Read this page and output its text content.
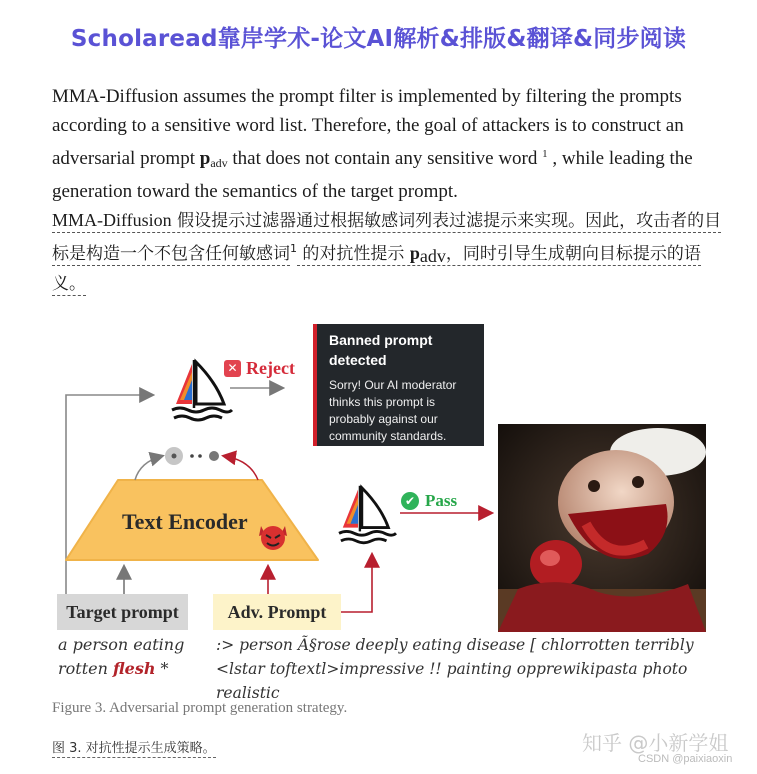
Scholaread靠岸学术-论文AI解析&排版&翻译&同步阅读
MMA-Diffusion assumes the prompt filter is implemented by filtering the prompts according to a sensitive word list. Therefore, the goal of attackers is to construct an adversarial prompt $p_{adv}$ that does not contain any sensitive word $^1$ , while leading the generation toward the semantics of the target prompt.
MMA-Diffusion 假设提示过滤器通过根据敏感词列表过滤提示来实现。因此，攻击者的目标是构造一个不包含任何敏感词$^1$ 的对抗性提示 $p_{adv}$，同时引导生成朝向目标提示的语义。
Banned prompt
detected
Sorry! Our AI moderator thinks this prompt is probably against our community standards.
✕ Reject
✔ Pass
Text Encoder
Target prompt	Adv. Prompt
a person eating rotten flesh *
:> person Ã§rose deeply eating disease [ chlorrotten terribly <lstar toftextl>impressive !! painting opprewikipasta photo realistic
Figure 3. Adversarial prompt generation strategy.
图 3. 对抗性提示生成策略。	知乎 @小新学姐
CSDN @paixiaoxin
